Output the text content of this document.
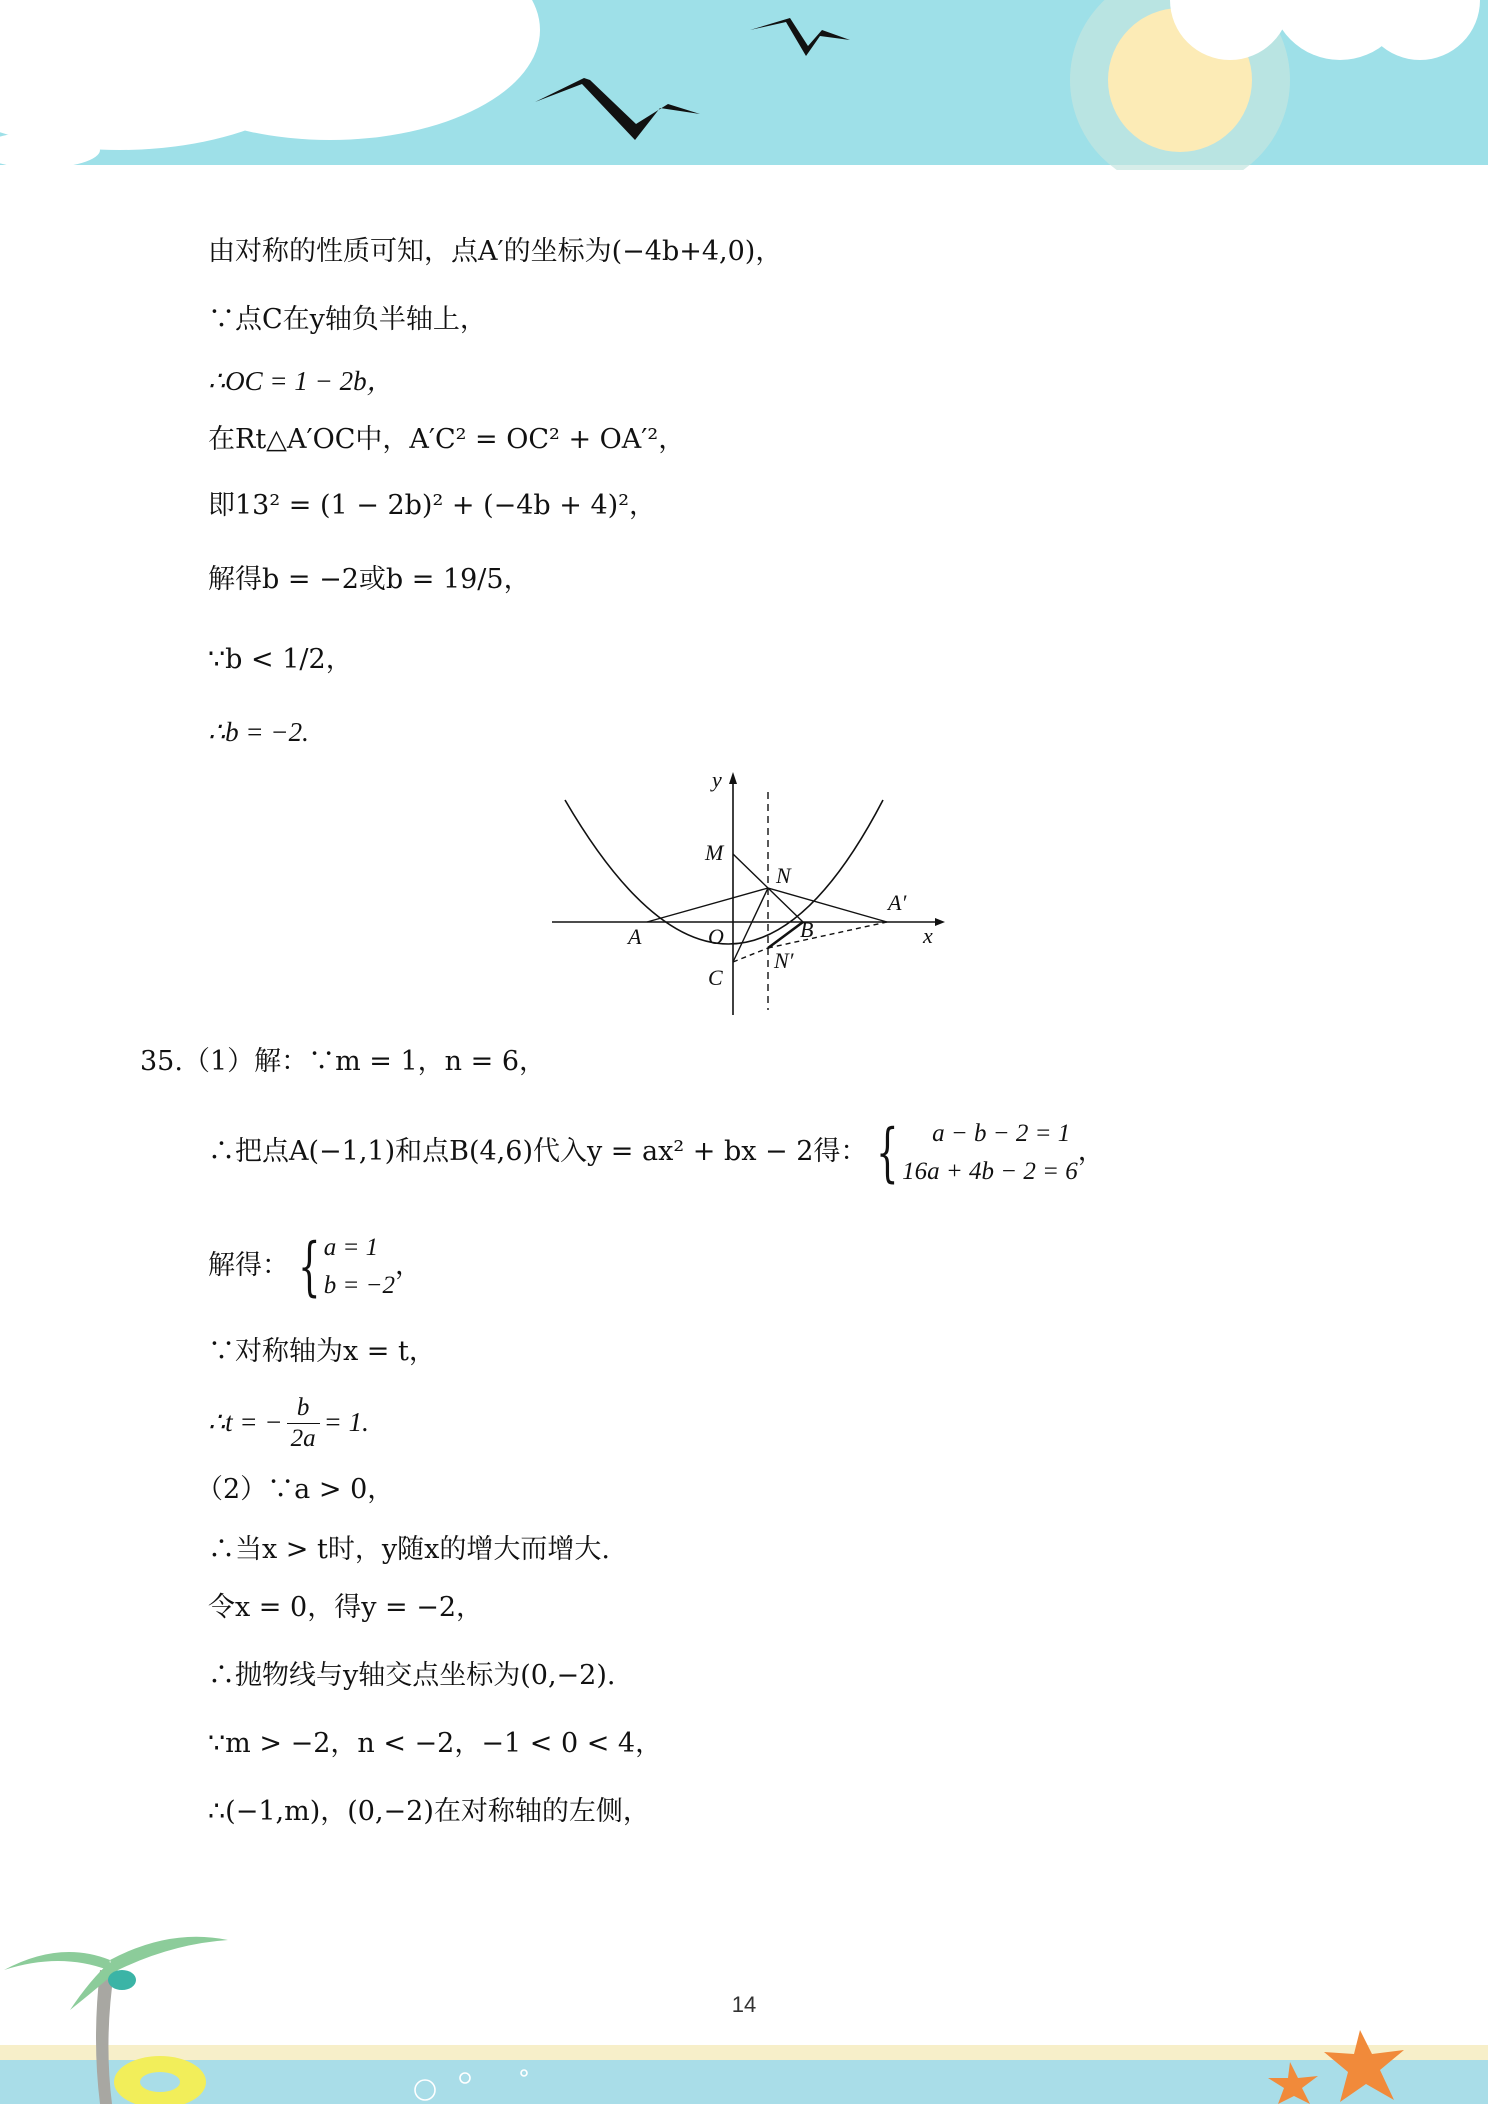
由对称的性质可知，点A′的坐标为(−4b+4,0)，
∵点C在y轴负半轴上，
∴OC = 1 − 2b，
在Rt△A′OC中，A′C² = OC² + OA′²，
即13² = (1 − 2b)² + (−4b + 4)²，
解得b = −2或b = 19/5，
∵b < 1/2，
∴b = −2.
y
x
M
N
A	O	B
A′
C
N′
35.（1）解：∵m = 1，n = 6，
∴把点A(−1,1)和点B(4,6)代入y = ax² + bx − 2得： {	a − b − 2 = 1
16a + 4b − 2 = 6
，
解得： { a = 1
b = −2
，
∵对称轴为x = t，
∴t = − $\frac{b}{2a} = 1$.
（2）∵a > 0，
∴当x > t时，y随x的增大而增大.
令x = 0，得y = −2，
∴抛物线与y轴交点坐标为(0,−2).
∵m > −2，n < −2，−1 < 0 < 4，
∴(−1,m)，(0,−2)在对称轴的左侧，
14
